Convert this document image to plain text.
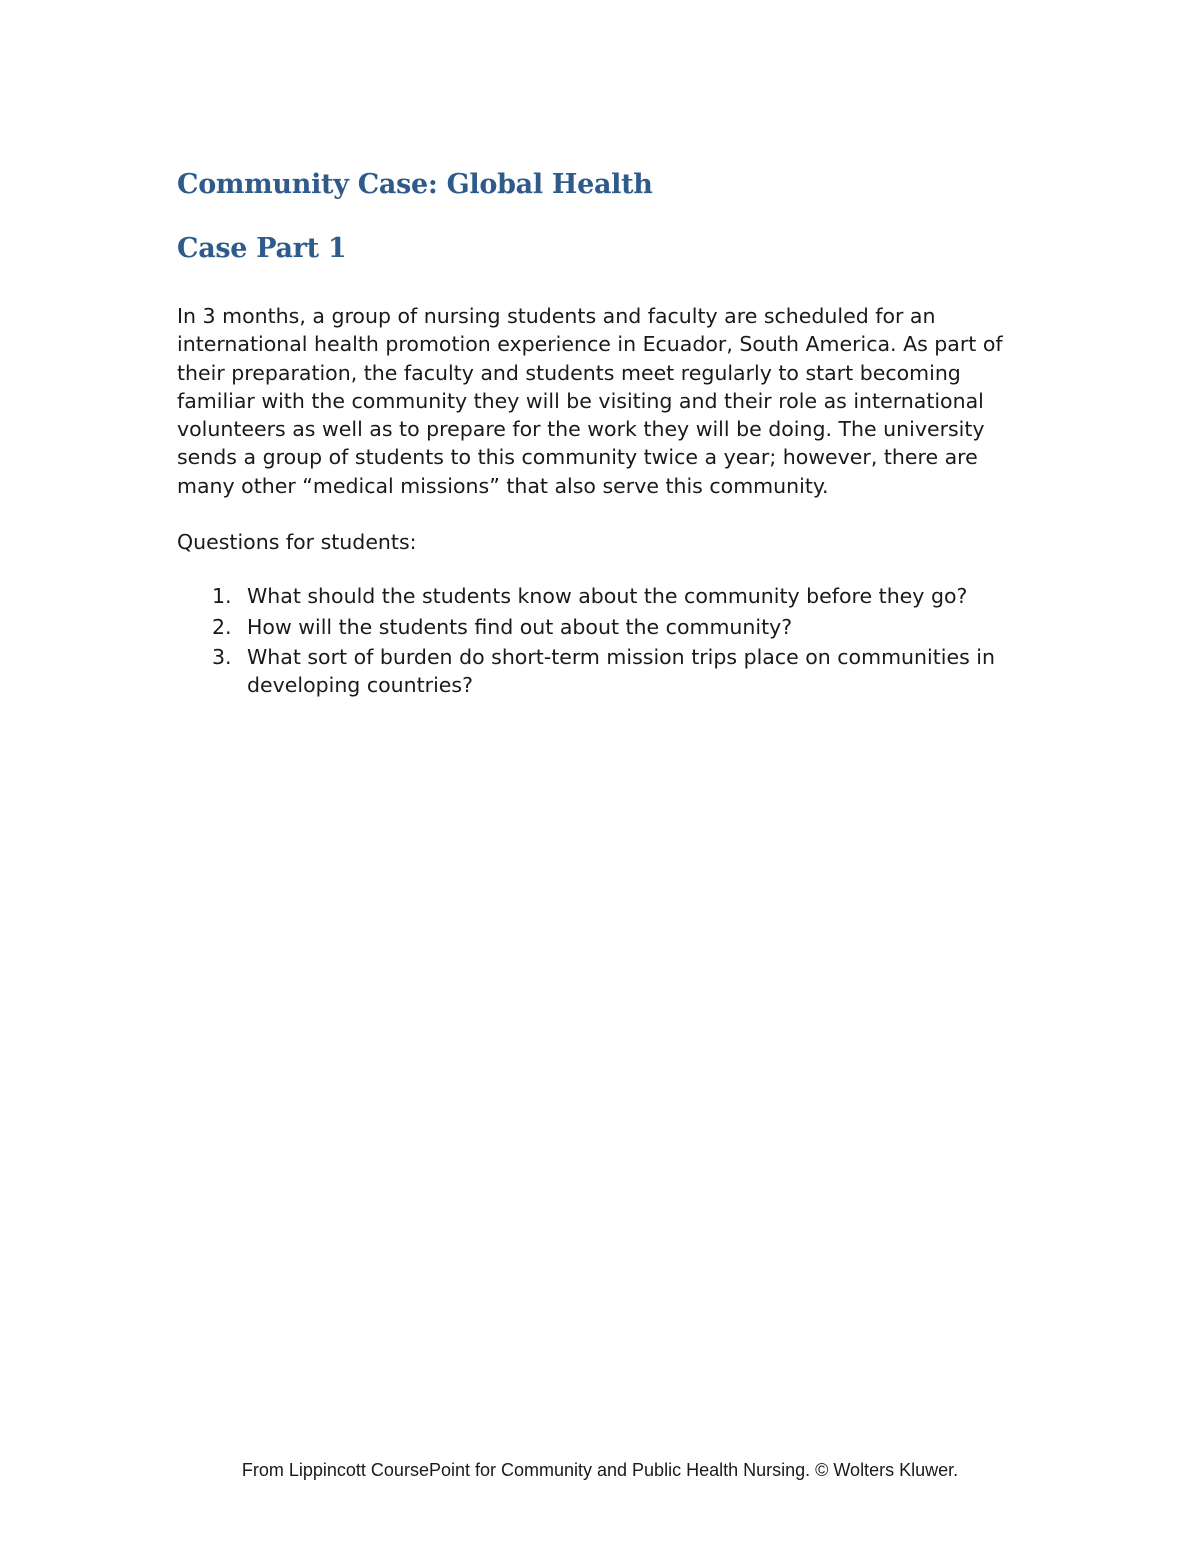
Community Case: Global Health
Case Part 1

In 3 months, a group of nursing students and faculty are scheduled for an international health promotion experience in Ecuador, South America. As part of their preparation, the faculty and students meet regularly to start becoming familiar with the community they will be visiting and their role as international volunteers as well as to prepare for the work they will be doing. The university sends a group of students to this community twice a year; however, there are many other “medical missions” that also serve this community.

Questions for students:

1. What should the students know about the community before they go?
2. How will the students find out about the community?
3. What sort of burden do short-term mission trips place on communities in developing countries?
From Lippincott CoursePoint for Community and Public Health Nursing. © Wolters Kluwer.
